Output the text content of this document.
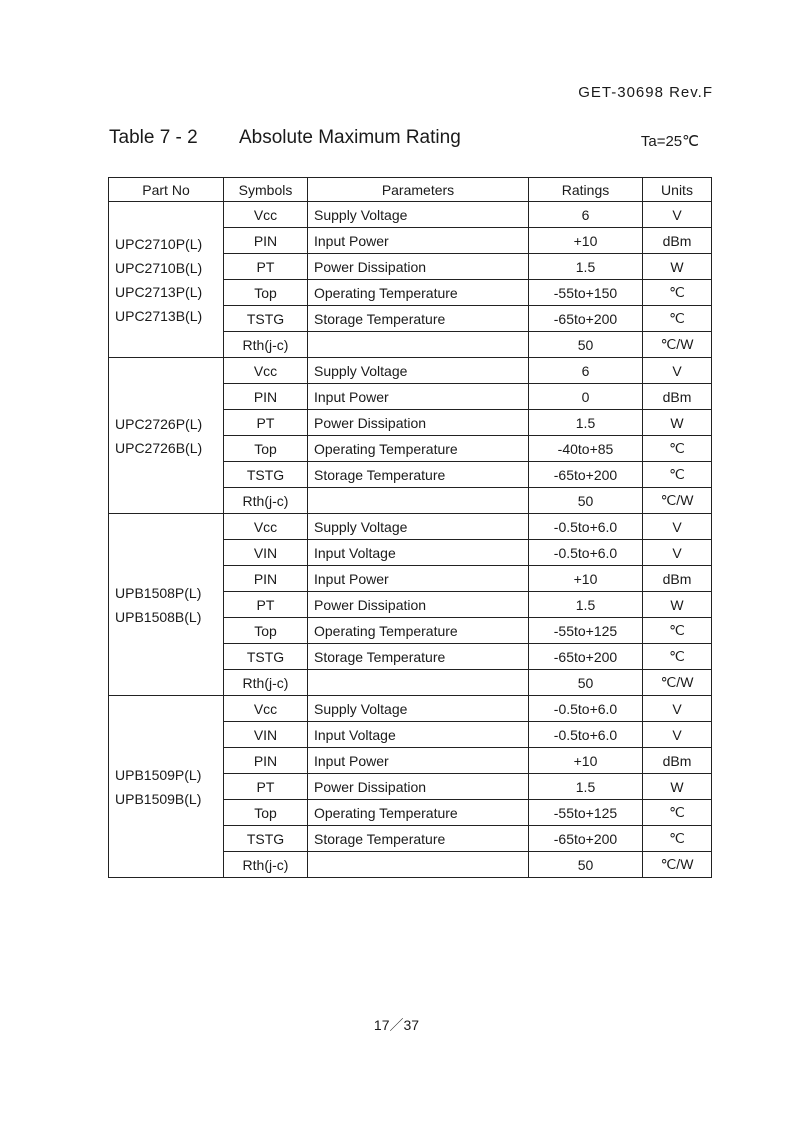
GET-30698 Rev.F
Table 7 - 2 Absolute Maximum Rating	Ta=25℃
Part No	Symbols	Parameters	Ratings	Units

UPC2710P(L)
UPC2710B(L)
UPC2713P(L)
UPC2713B(L)	Vcc	Supply Voltage	6	V
	PIN	Input Power	+10	dBm
	PT	Power Dissipation	1.5	W
	Top	Operating Temperature	-55to+150	℃
	TSTG	Storage Temperature	-65to+200	℃
	Rth(j-c)		50	℃/W

UPC2726P(L)
UPC2726B(L)	Vcc	Supply Voltage	6	V
	PIN	Input Power	0	dBm
	PT	Power Dissipation	1.5	W
	Top	Operating Temperature	-40to+85	℃
	TSTG	Storage Temperature	-65to+200	℃
	Rth(j-c)		50	℃/W

UPB1508P(L)
UPB1508B(L)	Vcc	Supply Voltage	-0.5to+6.0	V
	VIN	Input Voltage	-0.5to+6.0	V
	PIN	Input Power	+10	dBm
	PT	Power Dissipation	1.5	W
	Top	Operating Temperature	-55to+125	℃
	TSTG	Storage Temperature	-65to+200	℃
	Rth(j-c)		50	℃/W

UPB1509P(L)
UPB1509B(L)	Vcc	Supply Voltage	-0.5to+6.0	V
	VIN	Input Voltage	-0.5to+6.0	V
	PIN	Input Power	+10	dBm
	PT	Power Dissipation	1.5	W
	Top	Operating Temperature	-55to+125	℃
	TSTG	Storage Temperature	-65to+200	℃
	Rth(j-c)		50	℃/W
17／37
